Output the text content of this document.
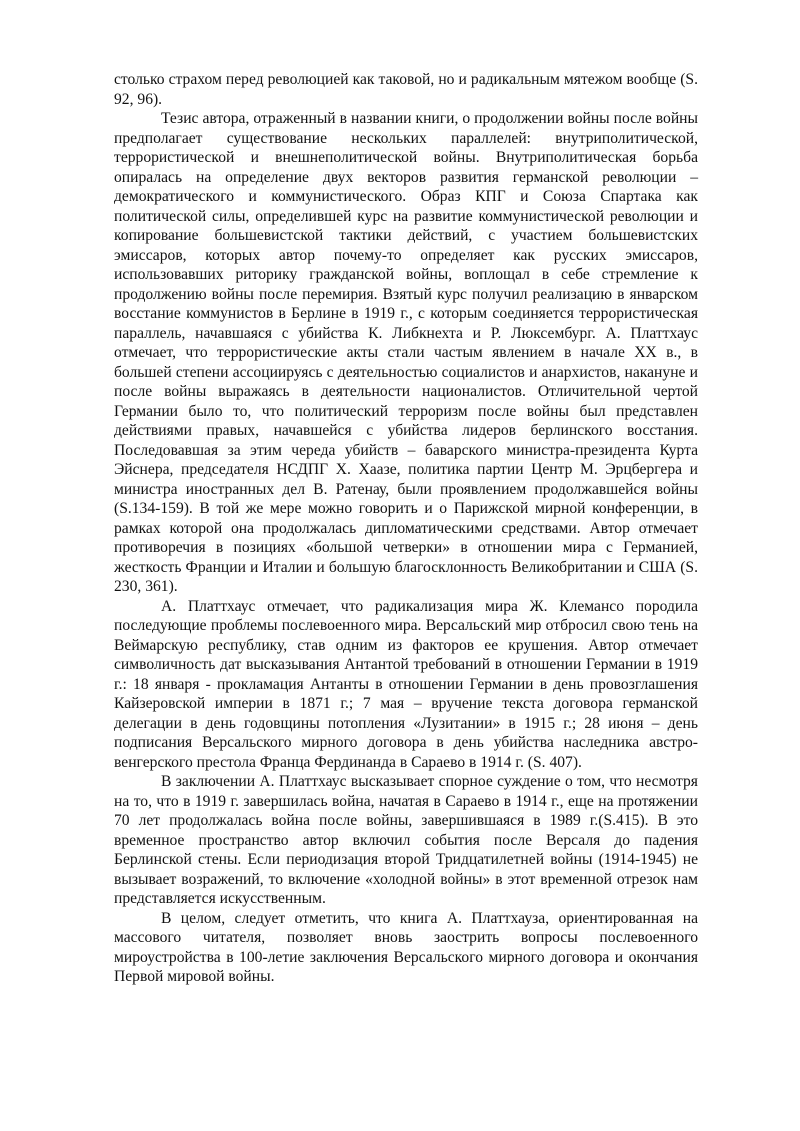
столько страхом перед революцией как таковой, но и радикальным мятежом вообще (S. 92, 96).

Тезис автора, отраженный в названии книги, о продолжении войны после войны предполагает существование нескольких параллелей: внутриполитической, террористической и внешнеполитической войны. Внутриполитическая борьба опиралась на определение двух векторов развития германской революции – демократического и коммунистического. Образ КПГ и Союза Спартака как политической силы, определившей курс на развитие коммунистической революции и копирование большевистской тактики действий, с участием большевистских эмиссаров, которых автор почему-то определяет как русских эмиссаров, использовавших риторику гражданской войны, воплощал в себе стремление к продолжению войны после перемирия. Взятый курс получил реализацию в январском восстание коммунистов в Берлине в 1919 г., с которым соединяется террористическая параллель, начавшаяся с убийства К. Либкнехта и Р. Люксембург. А. Платтхаус отмечает, что террористические акты стали частым явлением в начале XX в., в большей степени ассоциируясь с деятельностью социалистов и анархистов, накануне и после войны выражаясь в деятельности националистов. Отличительной чертой Германии было то, что политический терроризм после войны был представлен действиями правых, начавшейся с убийства лидеров берлинского восстания. Последовавшая за этим череда убийств – баварского министра-президента Курта Эйснера, председателя НСДПГ Х. Хаазе, политика партии Центр М. Эрцбергера и министра иностранных дел В. Ратенау, были проявлением продолжавшейся войны (S.134-159). В той же мере можно говорить и о Парижской мирной конференции, в рамках которой она продолжалась дипломатическими средствами. Автор отмечает противоречия в позициях «большой четверки» в отношении мира с Германией, жесткость Франции и Италии и большую благосклонность Великобритании и США (S. 230, 361).

А. Платтхаус отмечает, что радикализация мира Ж. Клемансо породила последующие проблемы послевоенного мира. Версальский мир отбросил свою тень на Веймарскую республику, став одним из факторов ее крушения. Автор отмечает символичность дат высказывания Антантой требований в отношении Германии в 1919 г.: 18 января - прокламация Антанты в отношении Германии в день провозглашения Кайзеровской империи в 1871 г.; 7 мая – вручение текста договора германской делегации в день годовщины потопления «Лузитании» в 1915 г.; 28 июня – день подписания Версальского мирного договора в день убийства наследника австро-венгерского престола Франца Фердинанда в Сараево в 1914 г. (S. 407).

В заключении А. Платтхаус высказывает спорное суждение о том, что несмотря на то, что в 1919 г. завершилась война, начатая в Сараево в 1914 г., еще на протяжении 70 лет продолжалась война после войны, завершившаяся в 1989 г.(S.415). В это временное пространство автор включил события после Версаля до падения Берлинской стены. Если периодизация второй Тридцатилетней войны (1914-1945) не вызывает возражений, то включение «холодной войны» в этот временной отрезок нам представляется искусственным.

В целом, следует отметить, что книга А. Платтхауза, ориентированная на массового читателя, позволяет вновь заострить вопросы послевоенного мироустройства в 100-летие заключения Версальского мирного договора и окончания Первой мировой войны.
